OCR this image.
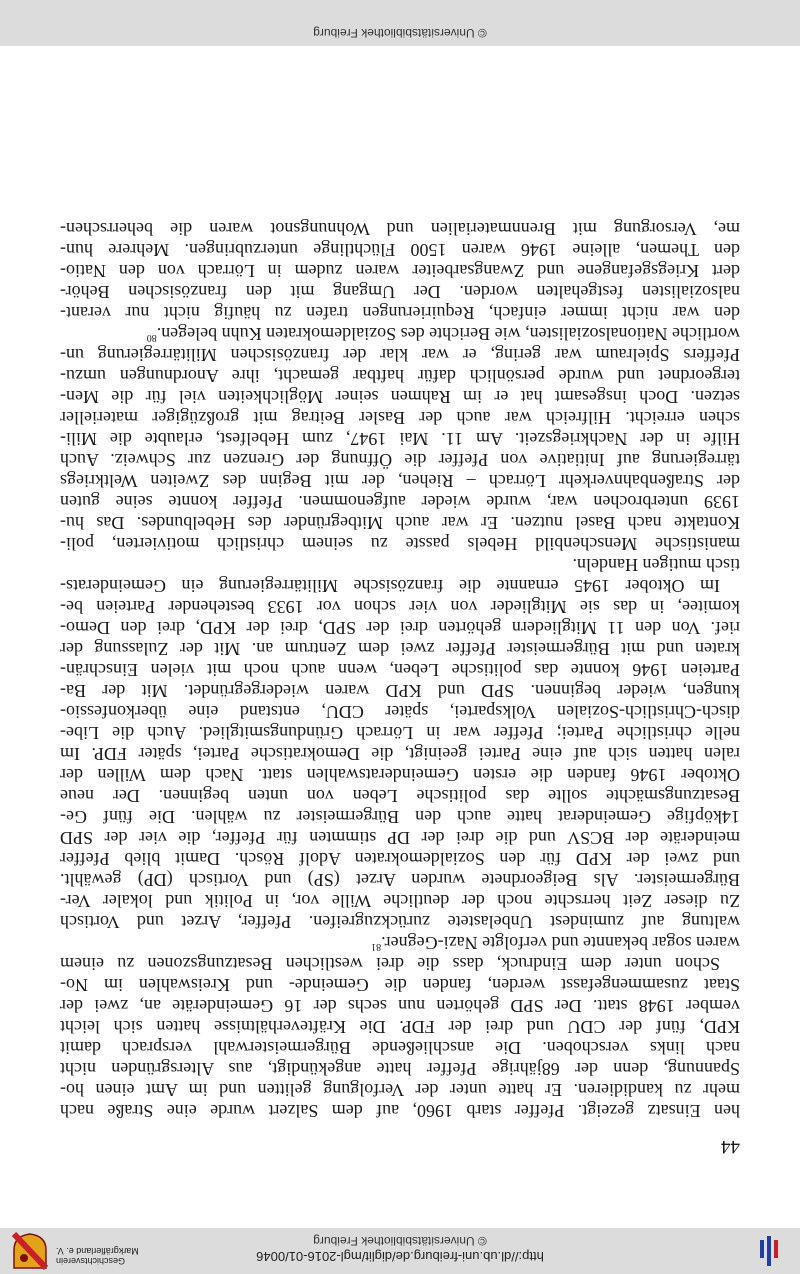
http://dl.ub.uni-freiburg.de/diglit/mgl-2016-01/0046
© Universitätsbibliothek Freiburg
Geschichtsverein
Markgräflerland e. V.
44
hen Einsatz gezeigt. Pfeffer starb 1960, auf dem Salzert wurde eine Straße nach
mehr zu kandidieren. Er hatte unter der Verfolgung gelitten und im Amt einen ho-
Spannung, denn der 68jährige Pfeffer hatte angekündigt, aus Altersgründen nicht
nach links verschoben. Die anschließende Bürgermeisterwahl versprach damit
KPD, fünf der CDU und drei der FDP. Die Kräfteverhältnisse hatten sich leicht
vember 1948 statt. Der SPD gehörten nun sechs der 16 Gemeinderäte an, zwei der
Staat zusammengefasst werden, fanden die Gemeinde- und Kreiswahlen im No-
Schon unter dem Eindruck, dass die drei westlichen Besatzungszonen zu einem
waren sogar bekannte und verfolgte Nazi-Gegner.$^{81}$
waltung auf zumindest Unbelastete zurückzugreifen. Pfeffer, Arzet und Vortisch
Zu dieser Zeit herrschte noch der deutliche Wille vor, in Politik und lokaler Ver-
Bürgermeister. Als Beigeordnete wurden Arzet (SP) und Vortisch (DP) gewählt.
und zwei der KPD für den Sozialdemokraten Adolf Rösch. Damit blieb Pfeffer
meinderäte der BCSV und die drei der DP stimmten für Pfeffer, die vier der SPD
14köpfige Gemeinderat hatte auch den Bürgermeister zu wählen. Die fünf Ge-
Besatzungsmächte sollte das politische Leben von unten beginnen. Der neue
Oktober 1946 fanden die ersten Gemeinderatswahlen statt. Nach dem Willen der
ralen hatten sich auf eine Partei geeinigt, die Demokratische Partei, später FDP. Im
nelle christliche Partei; Pfeffer war in Lörrach Gründungsmitglied. Auch die Libe-
disch-Christlich-Sozialen Volkspartei, später CDU, entstand eine überkonfessio-
kungen, wieder beginnen. SPD und KPD waren wiedergegründet. Mit der Ba-
Parteien 1946 konnte das politische Leben, wenn auch noch mit vielen Einschrän-
kraten und mit Bürgermeister Pfeffer zwei dem Zentrum an. Mit der Zulassung der
rief. Von den 11 Mitgliedern gehörten drei der SPD, drei der KPD, drei den Demo-
komitee, in das sie Mitglieder von vier schon vor 1933 bestehender Parteien be-
Im Oktober 1945 ernannte die französische Militärregierung ein Gemeinderats-
tisch mutigen Handeln.
manistische Menschenbild Hebels passte zu seinem christlich motivierten, poli-
Kontakte nach Basel nutzen. Er war auch Mitbegründer des Hebelbundes. Das hu-
1939 unterbrochen war, wurde wieder aufgenommen. Pfeffer konnte seine guten
der Straßenbahnverkehr Lörrach – Riehen, der mit Beginn des Zweiten Weltkriegs
tärregierung auf Initiative von Pfeffer die Öffnung der Grenzen zur Schweiz. Auch
Hilfe in der Nachkriegszeit. Am 11. Mai 1947, zum Hebelfest, erlaubte die Mili-
schen erreicht. Hilfreich war auch der Basler Beitrag mit großzügiger materieller
setzen. Doch insgesamt hat er im Rahmen seiner Möglichkeiten viel für die Men-
tergeordnet und wurde persönlich dafür haftbar gemacht, ihre Anordnungen umzu-
Pfeffers Spielraum war gering, er war klar der französischen Militärregierung un-
wortliche Nationalsozialisten, wie Berichte des Sozialdemokraten Kuhn belegen.$^{80}$
den war nicht immer einfach, Requirierungen trafen zu häufig nicht nur verant-
nalsozialisten festgehalten worden. Der Umgang mit den französischen Behör-
dert Kriegsgefangene und Zwangsarbeiter waren zudem in Lörrach von den Natio-
den Themen, alleine 1946 waren 1500 Flüchtlinge unterzubringen. Mehrere hun-
me, Versorgung mit Brennmaterialien und Wohnungsnot waren die beherrschen-
© Universitätsbibliothek Freiburg
